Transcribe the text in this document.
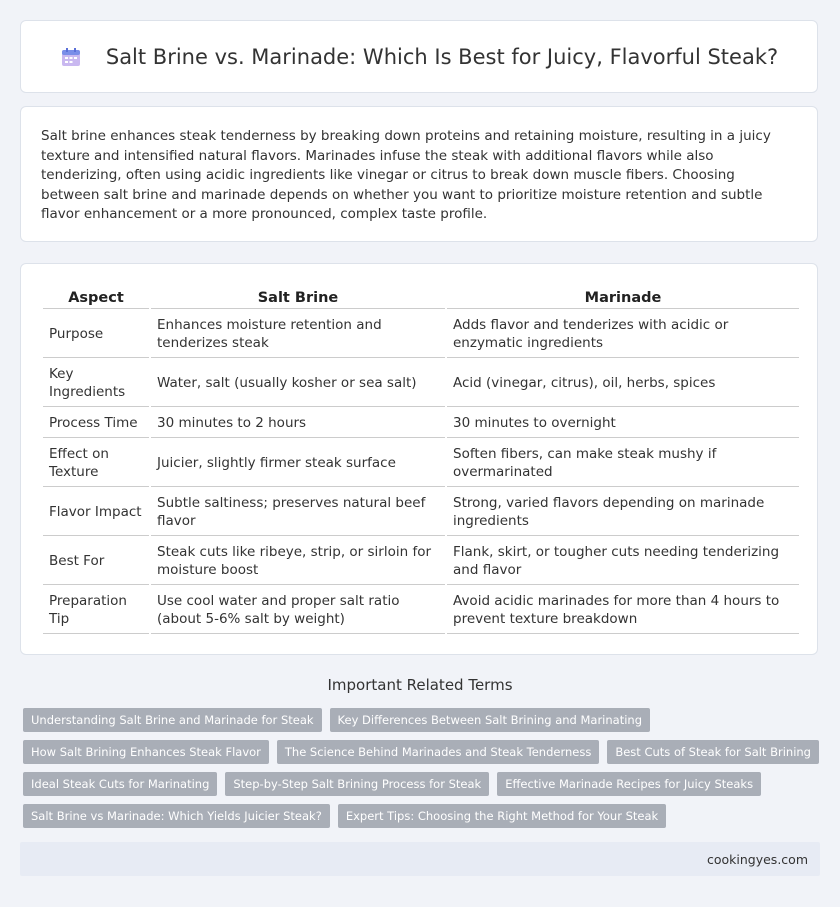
Salt Brine vs. Marinade: Which Is Best for Juicy, Flavorful Steak?

Salt brine enhances steak tenderness by breaking down proteins and retaining moisture, resulting in a juicy texture and intensified natural flavors. Marinades infuse the steak with additional flavors while also tenderizing, often using acidic ingredients like vinegar or citrus to break down muscle fibers. Choosing between salt brine and marinade depends on whether you want to prioritize moisture retention and subtle flavor enhancement or a more pronounced, complex taste profile.

Aspect	Salt Brine	Marinade
Purpose	Enhances moisture retention and tenderizes steak	Adds flavor and tenderizes with acidic or enzymatic ingredients
Key Ingredients	Water, salt (usually kosher or sea salt)	Acid (vinegar, citrus), oil, herbs, spices
Process Time	30 minutes to 2 hours	30 minutes to overnight
Effect on Texture	Juicier, slightly firmer steak surface	Soften fibers, can make steak mushy if overmarinated
Flavor Impact	Subtle saltiness; preserves natural beef flavor	Strong, varied flavors depending on marinade ingredients
Best For	Steak cuts like ribeye, strip, or sirloin for moisture boost	Flank, skirt, or tougher cuts needing tenderizing and flavor
Preparation Tip	Use cool water and proper salt ratio (about 5-6% salt by weight)	Avoid acidic marinades for more than 4 hours to prevent texture breakdown
Important Related Terms
Understanding Salt Brine and Marinade for Steak	Key Differences Between Salt Brining and Marinating
How Salt Brining Enhances Steak Flavor	The Science Behind Marinades and Steak Tenderness	Best Cuts of Steak for Salt Brining
Ideal Steak Cuts for Marinating	Step-by-Step Salt Brining Process for Steak	Effective Marinade Recipes for Juicy Steaks
Salt Brine vs Marinade: Which Yields Juicier Steak?	Expert Tips: Choosing the Right Method for Your Steak
cookingyes.com
